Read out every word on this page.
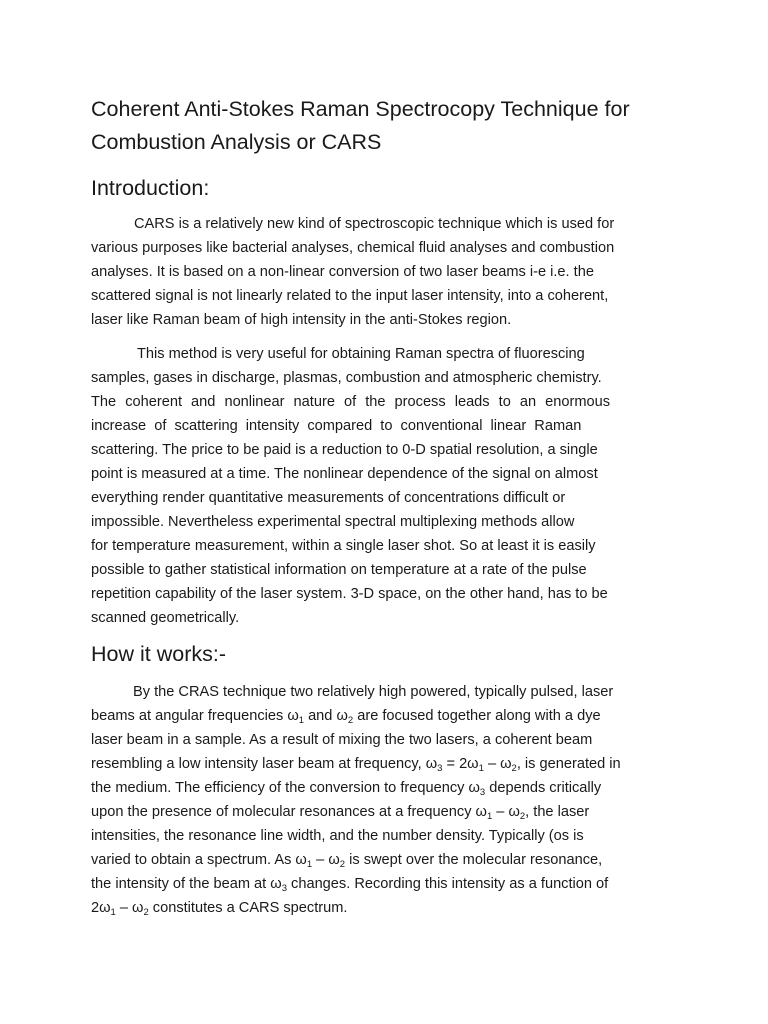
Coherent Anti-Stokes Raman Spectrocopy Technique for
Combustion Analysis or CARS
Introduction:
CARS is a relatively new kind of spectroscopic technique which is used for
various purposes like bacterial analyses, chemical fluid analyses and combustion
analyses. It is based on a non-linear conversion of two laser beams i-e i.e. the
scattered signal is not linearly related to the input laser intensity, into a coherent,
laser like Raman beam of high intensity in the anti-Stokes region.
This method is very useful for obtaining Raman spectra of fluorescing
samples, gases in discharge, plasmas, combustion and atmospheric chemistry.
The coherent and nonlinear nature of the process leads to an enormous
increase of scattering intensity compared to conventional linear Raman
scattering. The price to be paid is a reduction to 0-D spatial resolution, a single
point is measured at a time. The nonlinear dependence of the signal on almost
everything render quantitative measurements of concentrations difficult or
impossible. Nevertheless experimental spectral multiplexing methods allow
for temperature measurement, within a single laser shot. So at least it is easily
possible to gather statistical information on temperature at a rate of the pulse
repetition capability of the laser system. 3-D space, on the other hand, has to be
scanned geometrically.
How it works:-
By the CRAS technique two relatively high powered, typically pulsed, laser
beams at angular frequencies $\omega_1$ and $\omega_2$ are focused together along with a dye
laser beam in a sample. As a result of mixing the two lasers, a coherent beam
resembling a low intensity laser beam at frequency, $\omega_3 = 2\omega_1 - \omega_2$, is generated in
the medium. The efficiency of the conversion to frequency $\omega_3$ depends critically
upon the presence of molecular resonances at a frequency $\omega_1 - \omega_2$, the laser
intensities, the resonance line width, and the number density. Typically (os is
varied to obtain a spectrum. As $\omega_1 - \omega_2$ is swept over the molecular resonance,
the intensity of the beam at $\omega_3$ changes. Recording this intensity as a function of
$2\omega_1 - \omega_2$ constitutes a CARS spectrum.
